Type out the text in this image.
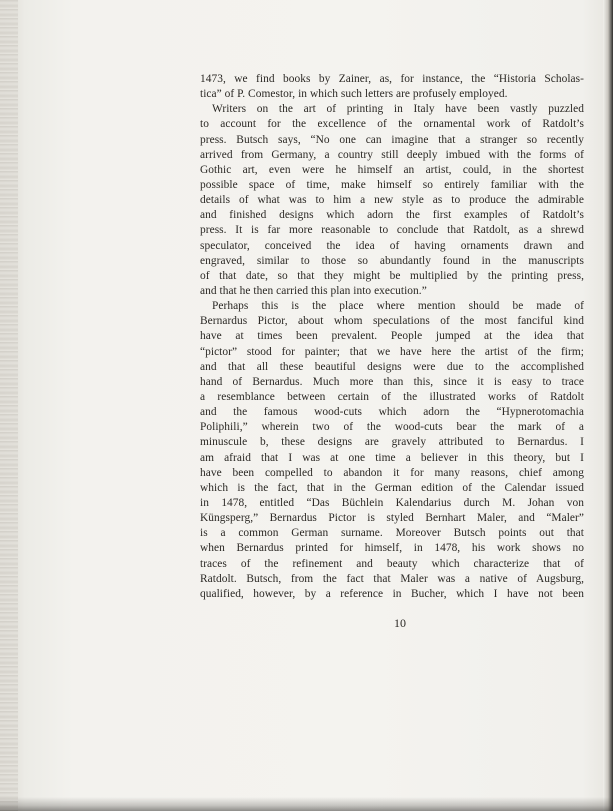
1473, we find books by Zainer, as, for instance, the “Historia Scholas-
tica” of P. Comestor, in which such letters are profusely employed.
Writers on the art of printing in Italy have been vastly puzzled
to account for the excellence of the ornamental work of Ratdolt’s
press. Butsch says, “No one can imagine that a stranger so recently
arrived from Germany, a country still deeply imbued with the forms of
Gothic art, even were he himself an artist, could, in the shortest
possible space of time, make himself so entirely familiar with the
details of what was to him a new style as to produce the admirable
and finished designs which adorn the first examples of Ratdolt’s
press. It is far more reasonable to conclude that Ratdolt, as a shrewd
speculator, conceived the idea of having ornaments drawn and
engraved, similar to those so abundantly found in the manuscripts
of that date, so that they might be multiplied by the printing press,
and that he then carried this plan into execution.”
Perhaps this is the place where mention should be made of
Bernardus Pictor, about whom speculations of the most fanciful kind
have at times been prevalent. People jumped at the idea that
“pictor” stood for painter; that we have here the artist of the firm;
and that all these beautiful designs were due to the accomplished
hand of Bernardus. Much more than this, since it is easy to trace
a resemblance between certain of the illustrated works of Ratdolt
and the famous wood-cuts which adorn the “Hypnerotomachia
Poliphili,” wherein two of the wood-cuts bear the mark of a
minuscule b, these designs are gravely attributed to Bernardus. I
am afraid that I was at one time a believer in this theory, but I
have been compelled to abandon it for many reasons, chief among
which is the fact, that in the German edition of the Calendar issued
in 1478, entitled “Das Büchlein Kalendarius durch M. Johan von
Küngsperg,” Bernardus Pictor is styled Bernhart Maler, and “Maler”
is a common German surname. Moreover Butsch points out that
when Bernardus printed for himself, in 1478, his work shows no
traces of the refinement and beauty which characterize that of
Ratdolt. Butsch, from the fact that Maler was a native of Augsburg,
qualified, however, by a reference in Bucher, which I have not been
10
